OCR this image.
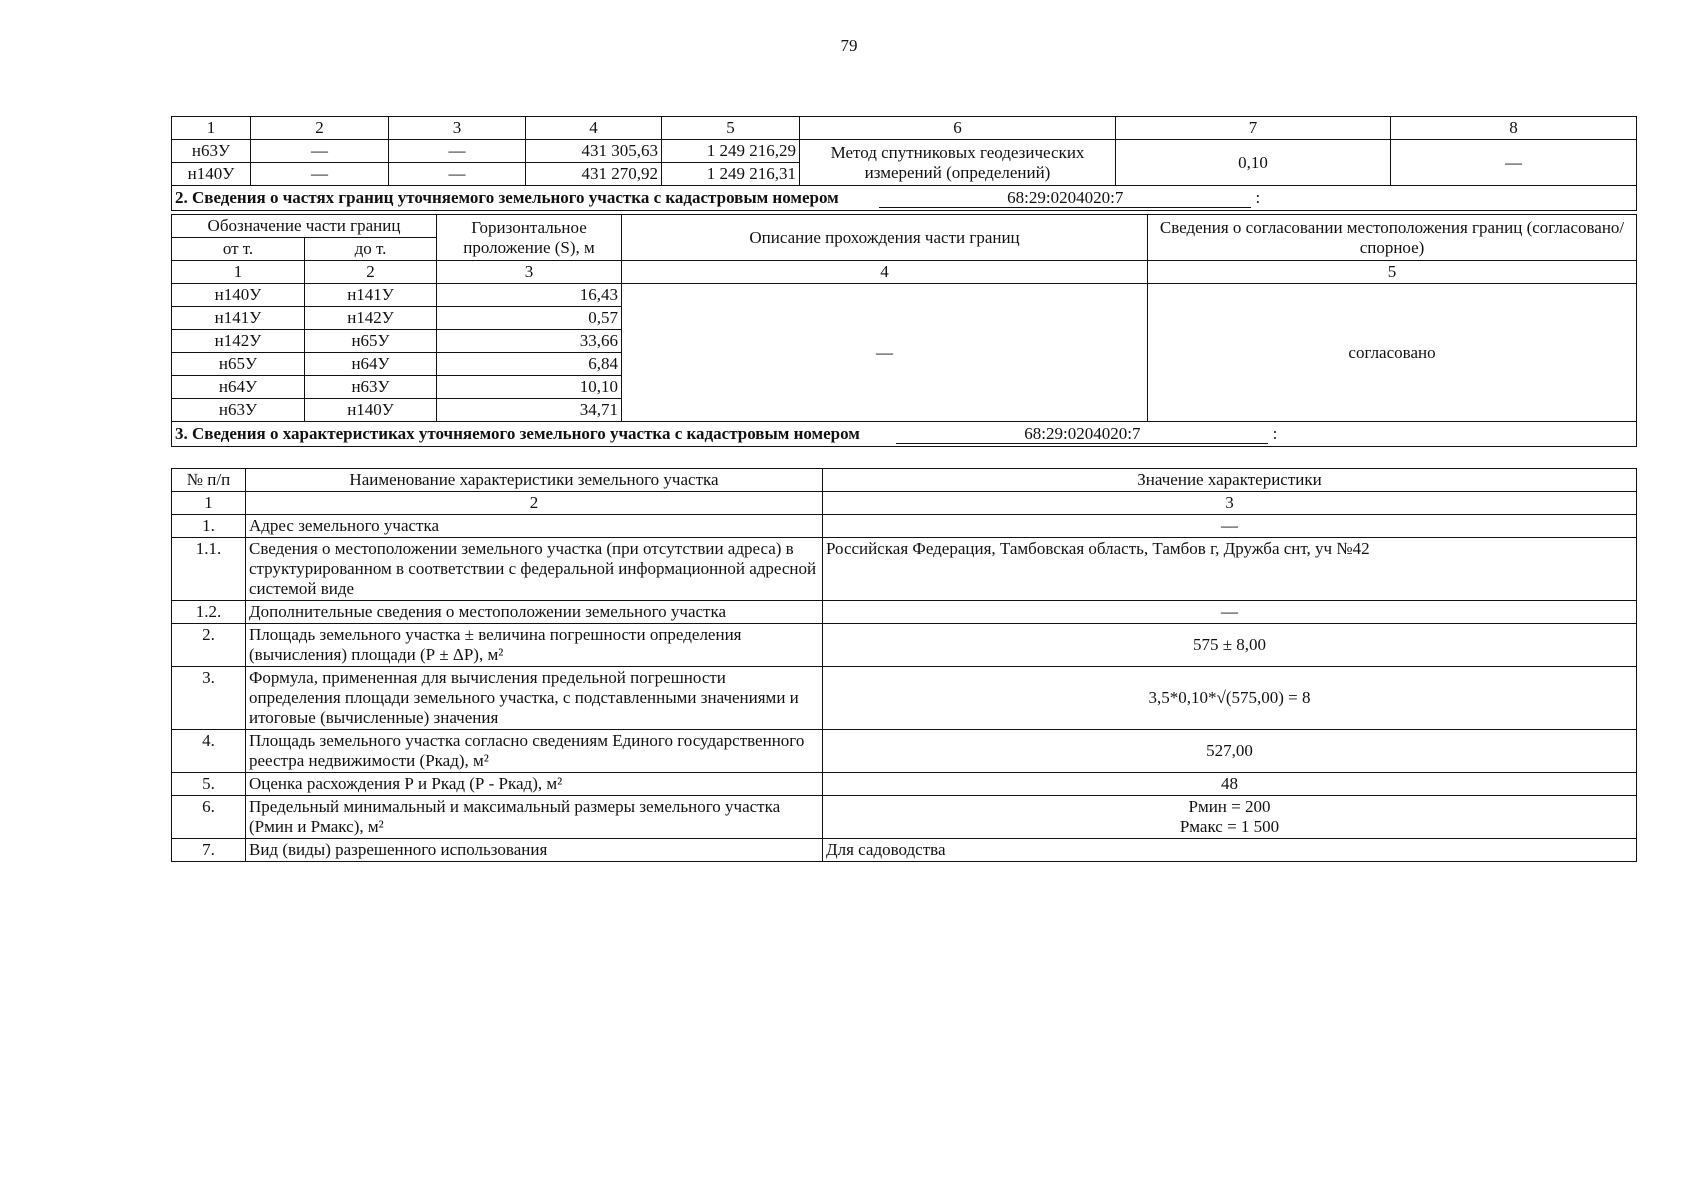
79
1	2	3	4	5	6	7	8
н63У	—	—	431 305,63	1 249 216,29	Метод спутниковых геодезических измерений (определений)	0,10	—
н140У	—	—	431 270,92	1 249 216,31			
2. Сведения о частях границ уточняемого земельного участка с кадастровым номером 68:29:0204020:7 :							
Обозначение части границ		Горизонтальное проложение (S), м	Описание прохождения части границ	Сведения о согласовании местоположения границ (согласовано/спорное)
от т.	до т.			
1	2	3	4	5
н140У	н141У	16,43	—	согласовано
н141У	н142У	0,57		
н142У	н65У	33,66		
н65У	н64У	6,84		
н64У	н63У	10,10		
н63У	н140У	34,71		
3. Сведения о характеристиках уточняемого земельного участка с кадастровым номером 68:29:0204020:7 :				
№ п/п	Наименование характеристики земельного участка	Значение характеристики
1	2	3
1.	Адрес земельного участка	—
1.1.	Сведения о местоположении земельного участка (при отсутствии адреса) в структурированном в соответствии с федеральной информационной адресной системой виде	Российская Федерация, Тамбовская область, Тамбов г, Дружба снт, уч №42
1.2.	Дополнительные сведения о местоположении земельного участка	—
2.	Площадь земельного участка ± величина погрешности определения (вычисления) площади (Р ± ΔР), м²	575 ± 8,00
3.	Формула, примененная для вычисления предельной погрешности определения площади земельного участка, с подставленными значениями и итоговые (вычисленные) значения	3,5*0,10*√(575,00) = 8
4.	Площадь земельного участка согласно сведениям Единого государственного реестра недвижимости (Ркад), м²	527,00
5.	Оценка расхождения Р и Ркад (Р - Ркад), м²	48
6.	Предельный минимальный и максимальный размеры земельного участка (Рмин и Рмакс), м²	Рмин = 200
Рмакс = 1 500

7.	Вид (виды) разрешенного использования	Для садоводства
